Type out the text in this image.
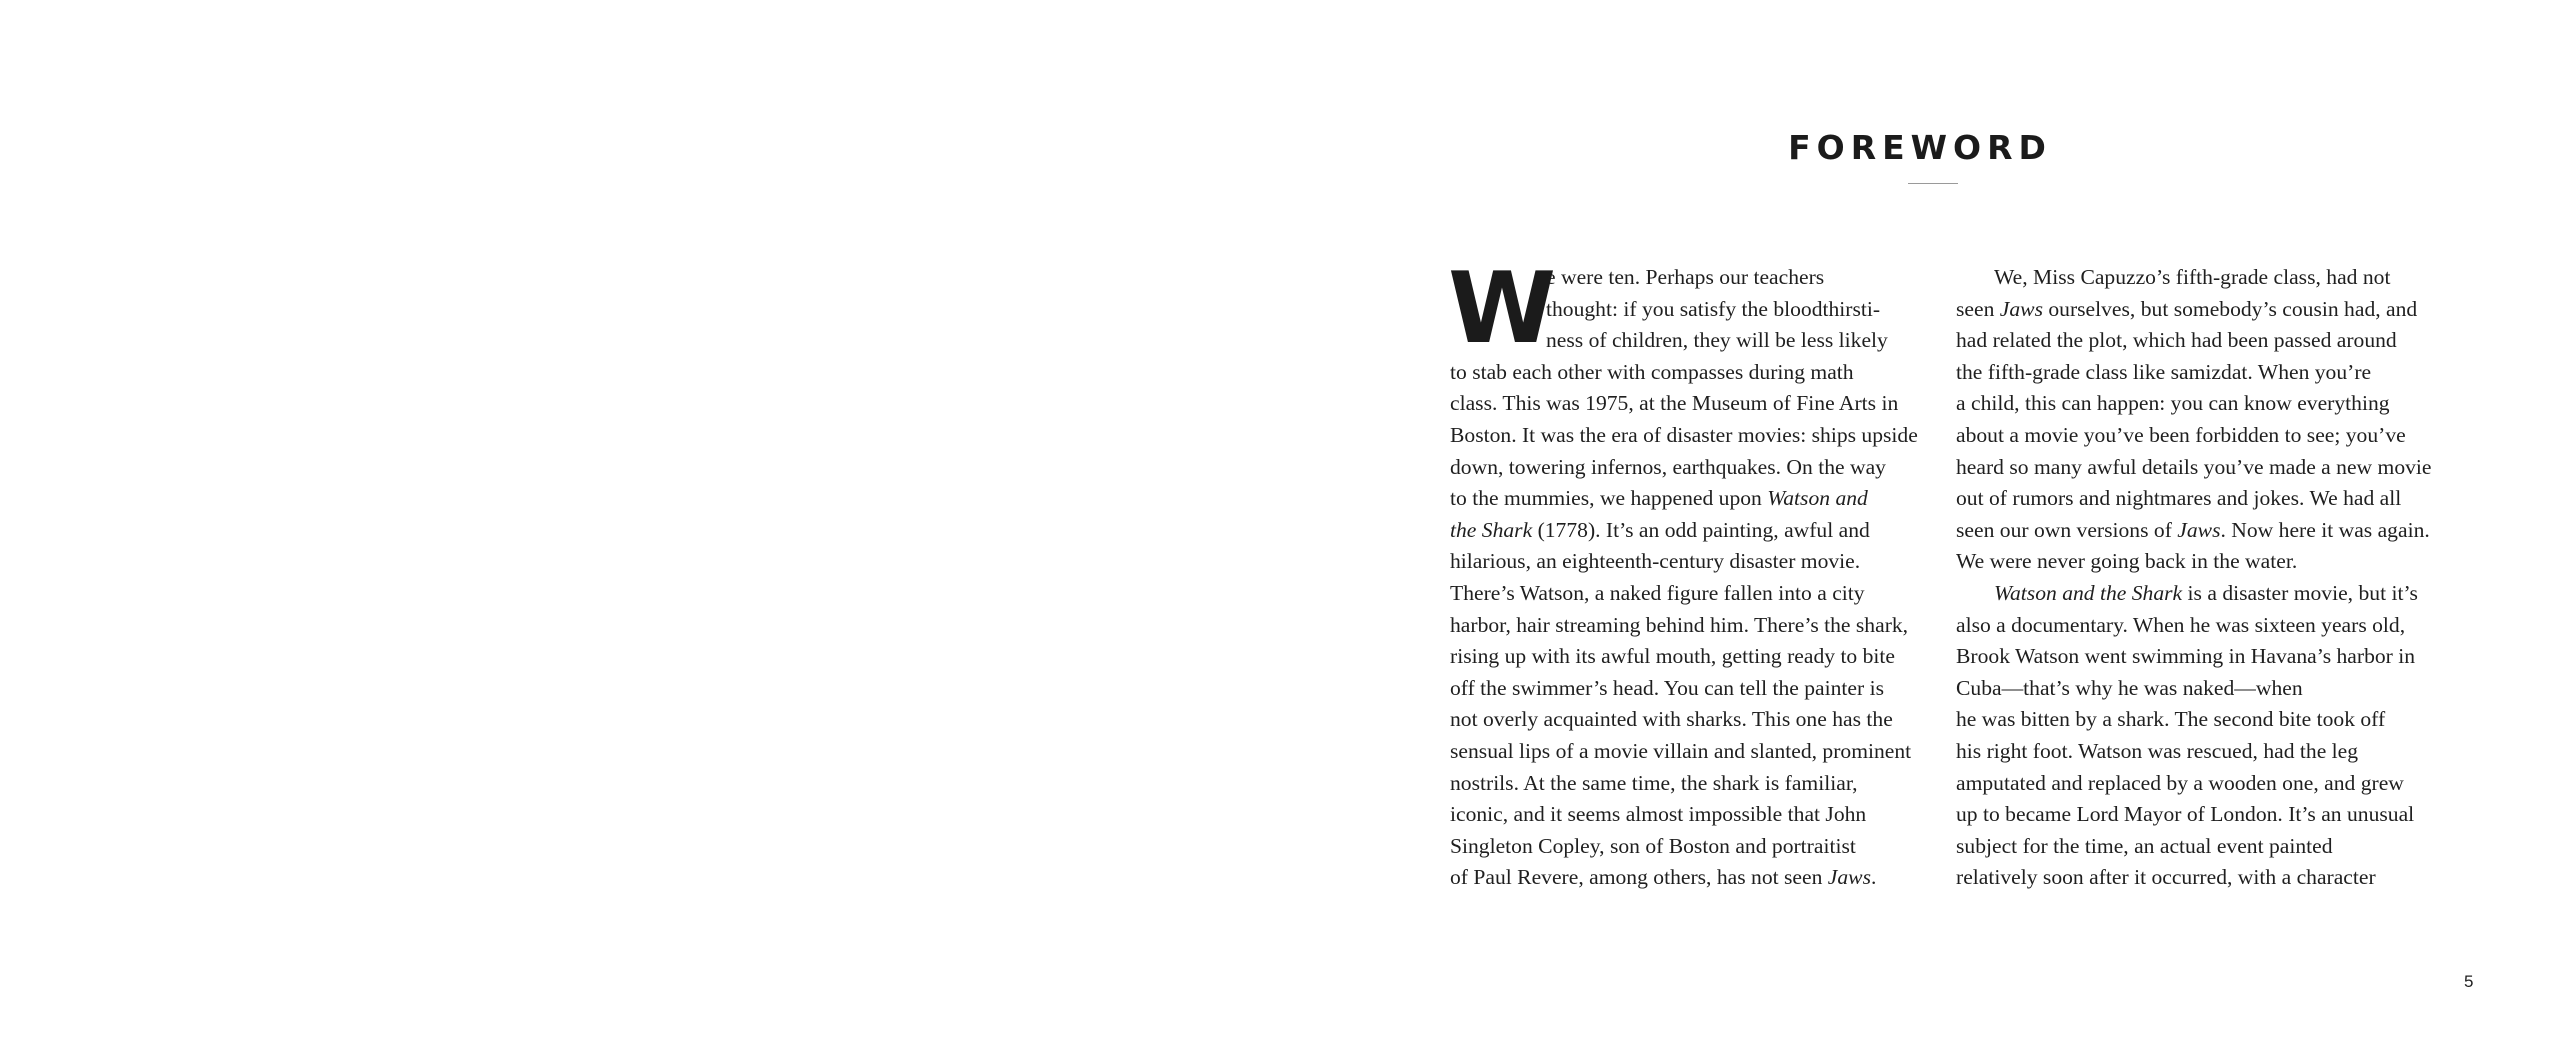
FOREWORD
W
e were ten. Perhaps our teachers
thought: if you satisfy the bloodthirsti-
ness of children, they will be less likely
to stab each other with compasses during math
class. This was 1975, at the Museum of Fine Arts in
Boston. It was the era of disaster movies: ships upside
down, towering infernos, earthquakes. On the way
to the mummies, we happened upon Watson and
the Shark (1778). It’s an odd painting, awful and
hilarious, an eighteenth-century disaster movie.
There’s Watson, a naked figure fallen into a city
harbor, hair streaming behind him. There’s the shark,
rising up with its awful mouth, getting ready to bite
off the swimmer’s head. You can tell the painter is
not overly acquainted with sharks. This one has the
sensual lips of a movie villain and slanted, prominent
nostrils. At the same time, the shark is familiar,
iconic, and it seems almost impossible that John
Singleton Copley, son of Boston and portraitist
of Paul Revere, among others, has not seen Jaws.
We, Miss Capuzzo’s fifth-grade class, had not
seen Jaws ourselves, but somebody’s cousin had, and
had related the plot, which had been passed around
the fifth-grade class like samizdat. When you’re
a child, this can happen: you can know everything
about a movie you’ve been forbidden to see; you’ve
heard so many awful details you’ve made a new movie
out of rumors and nightmares and jokes. We had all
seen our own versions of Jaws. Now here it was again.
We were never going back in the water.
Watson and the Shark is a disaster movie, but it’s
also a documentary. When he was sixteen years old,
Brook Watson went swimming in Havana’s harbor in
Cuba—that’s why he was naked—when
he was bitten by a shark. The second bite took off
his right foot. Watson was rescued, had the leg
amputated and replaced by a wooden one, and grew
up to became Lord Mayor of London. It’s an unusual
subject for the time, an actual event painted
relatively soon after it occurred, with a character
5
